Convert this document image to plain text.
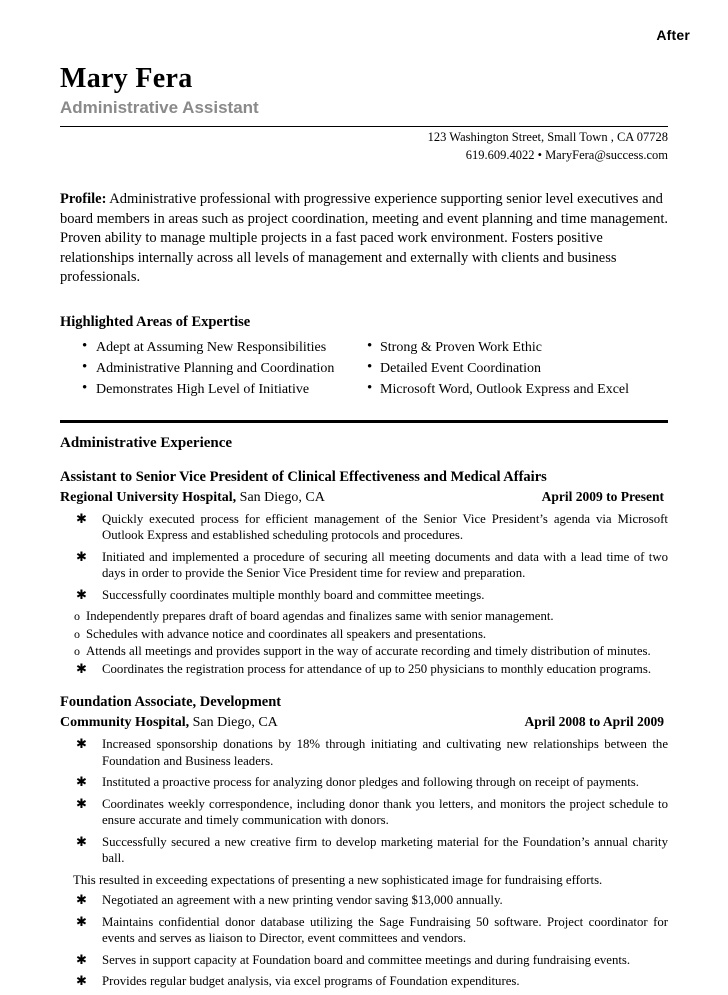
After
Mary Fera
Administrative Assistant
123 Washington Street, Small Town , CA 07728
619.609.4022 • MaryFera@success.com
Profile: Administrative professional with progressive experience supporting senior level executives and board members in areas such as project coordination, meeting and event planning and time management. Proven ability to manage multiple projects in a fast paced work environment. Fosters positive relationships internally across all levels of management and externally with clients and business professionals.
Highlighted Areas of Expertise
• Adept at Assuming New Responsibilities
• Administrative Planning and Coordination
• Demonstrates High Level of Initiative
• Strong & Proven Work Ethic
• Detailed Event Coordination
• Microsoft Word, Outlook Express and Excel
Administrative Experience
Assistant to Senior Vice President of Clinical Effectiveness and Medical Affairs
Regional University Hospital, San Diego, CA	April 2009 to Present
✱ Quickly executed process for efficient management of the Senior Vice President’s agenda via Microsoft Outlook Express and established scheduling protocols and procedures.
✱ Initiated and implemented a procedure of securing all meeting documents and data with a lead time of two days in order to provide the Senior Vice President time for review and preparation.
✱ Successfully coordinates multiple monthly board and committee meetings.
o Independently prepares draft of board agendas and finalizes same with senior management.
o Schedules with advance notice and coordinates all speakers and presentations.
o Attends all meetings and provides support in the way of accurate recording and timely distribution of minutes.
✱ Coordinates the registration process for attendance of up to 250 physicians to monthly education programs.
Foundation Associate, Development
Community Hospital, San Diego, CA	April 2008 to April 2009
✱ Increased sponsorship donations by 18% through initiating and cultivating new relationships between the Foundation and Business leaders.
✱ Instituted a proactive process for analyzing donor pledges and following through on receipt of payments.
✱ Coordinates weekly correspondence, including donor thank you letters, and monitors the project schedule to ensure accurate and timely communication with donors.
✱ Successfully secured a new creative firm to develop marketing material for the Foundation’s annual charity ball.
This resulted in exceeding expectations of presenting a new sophisticated image for fundraising efforts.
✱ Negotiated an agreement with a new printing vendor saving $13,000 annually.
✱ Maintains confidential donor database utilizing the Sage Fundraising 50 software. Project coordinator for events and serves as liaison to Director, event committees and vendors.
✱ Serves in support capacity at Foundation board and committee meetings and during fundraising events.
✱ Provides regular budget analysis, via excel programs of Foundation expenditures.
